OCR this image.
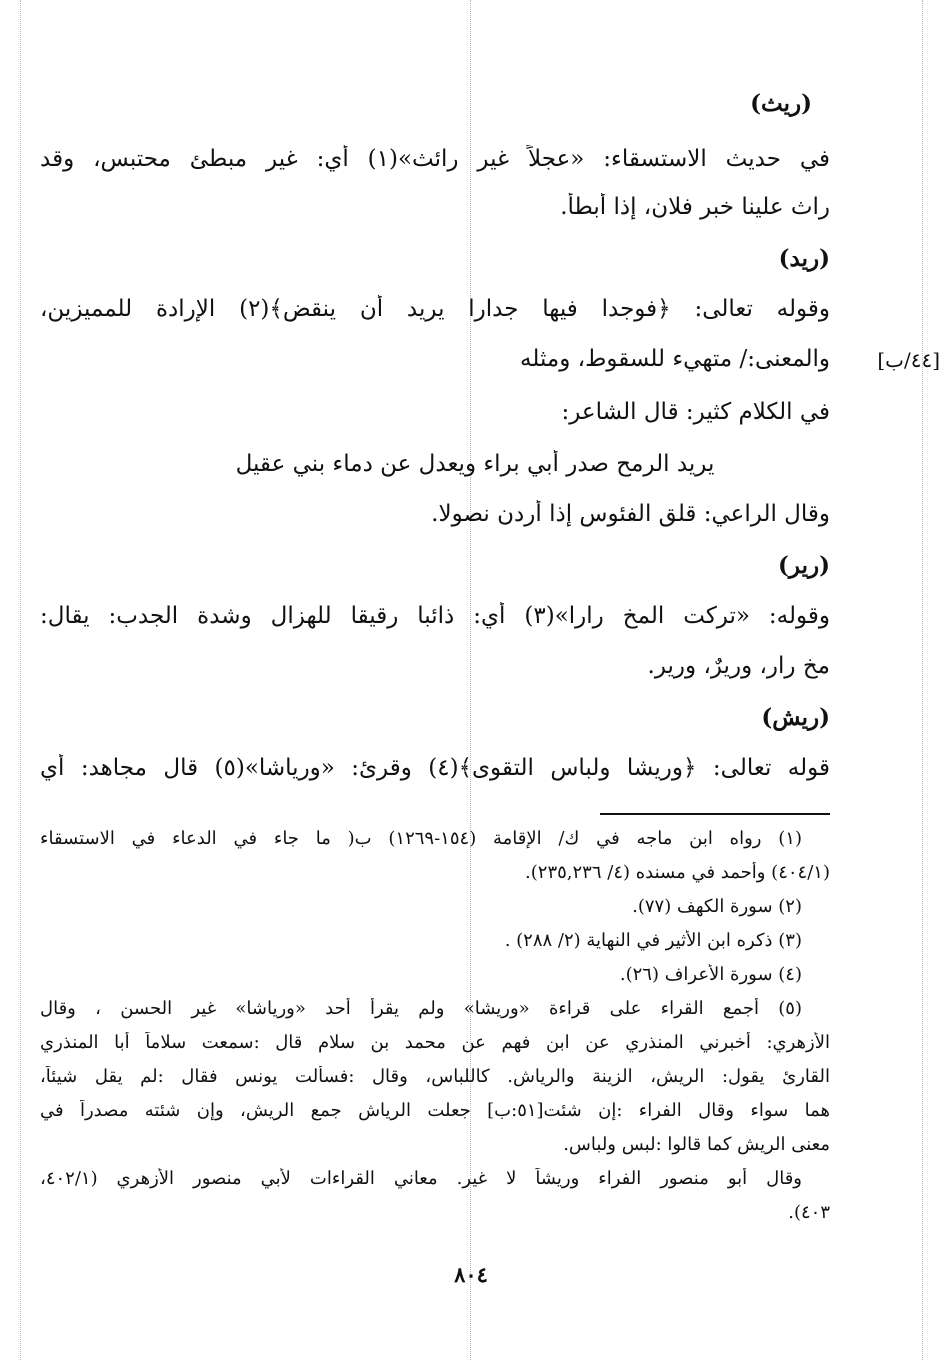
(ريث)
في حديث الاستسقاء: «عجلاً غير رائث»(١) أي: غير مبطئ محتبس، وقد
راث علينا خبر فلان، إذا أبطأ.
(ريد)
وقوله تعالى: ﴿فوجدا فيها جدارا يريد أن ينقض﴾(٢) الإرادة للمميزين،
والمعنى:/ متهيء للسقوط، ومثله	[٤٤/ب]
في الكلام كثير: قال الشاعر:
يريد الرمح صدر أبي براء ويعدل عن دماء بني عقيل
وقال الراعي: قلق الفئوس إذا أردن نصولا.
(رير)
وقوله: «تركت المخ رارا»(٣) أي: ذائبا رقيقا للهزال وشدة الجدب: يقال:
مخ رار، وريرٌ، ورير.
(ريش)
قوله تعالى: ﴿وريشا ولباس التقوى﴾(٤) وقرئ: «ورياشا»(٥) قال مجاهد: أي
(١) رواه ابن ماجه في ك/ الإقامة (١٥٤-١٢٦٩) ب( ما جاء في الدعاء في الاستسقاء
(٤٠٤/١) وأحمد في مسنده (٤/ ٢٣٥,٢٣٦).
(٢) سورة الكهف (٧٧).
(٣) ذكره ابن الأثير في النهاية (٢/ ٢٨٨) .
(٤) سورة الأعراف (٢٦).
(٥) أجمع القراء على قراءة «وريشا» ولم يقرأ أحد «ورياشا» غير الحسن ، وقال
الأزهري: أخبرني المنذري عن ابن فهم عن محمد بن سلام قال :سمعت سلاماً أبا المنذري
القارئ يقول: الريش، الزينة والرياش. كاللباس، وقال :فسألت يونس فقال :لم يقل شيئاً،
هما سواء وقال الفراء :إن شئت[٥١:ب] جعلت الرياش جمع الريش، وإن شئته مصدراً في
معنى الريش كما قالوا :لبس ولباس.
وقال أبو منصور الفراء وريشاً لا غير. معاني القراءات لأبي منصور الأزهري (٤٠٢/١،
٤٠٣).
٨٠٤
